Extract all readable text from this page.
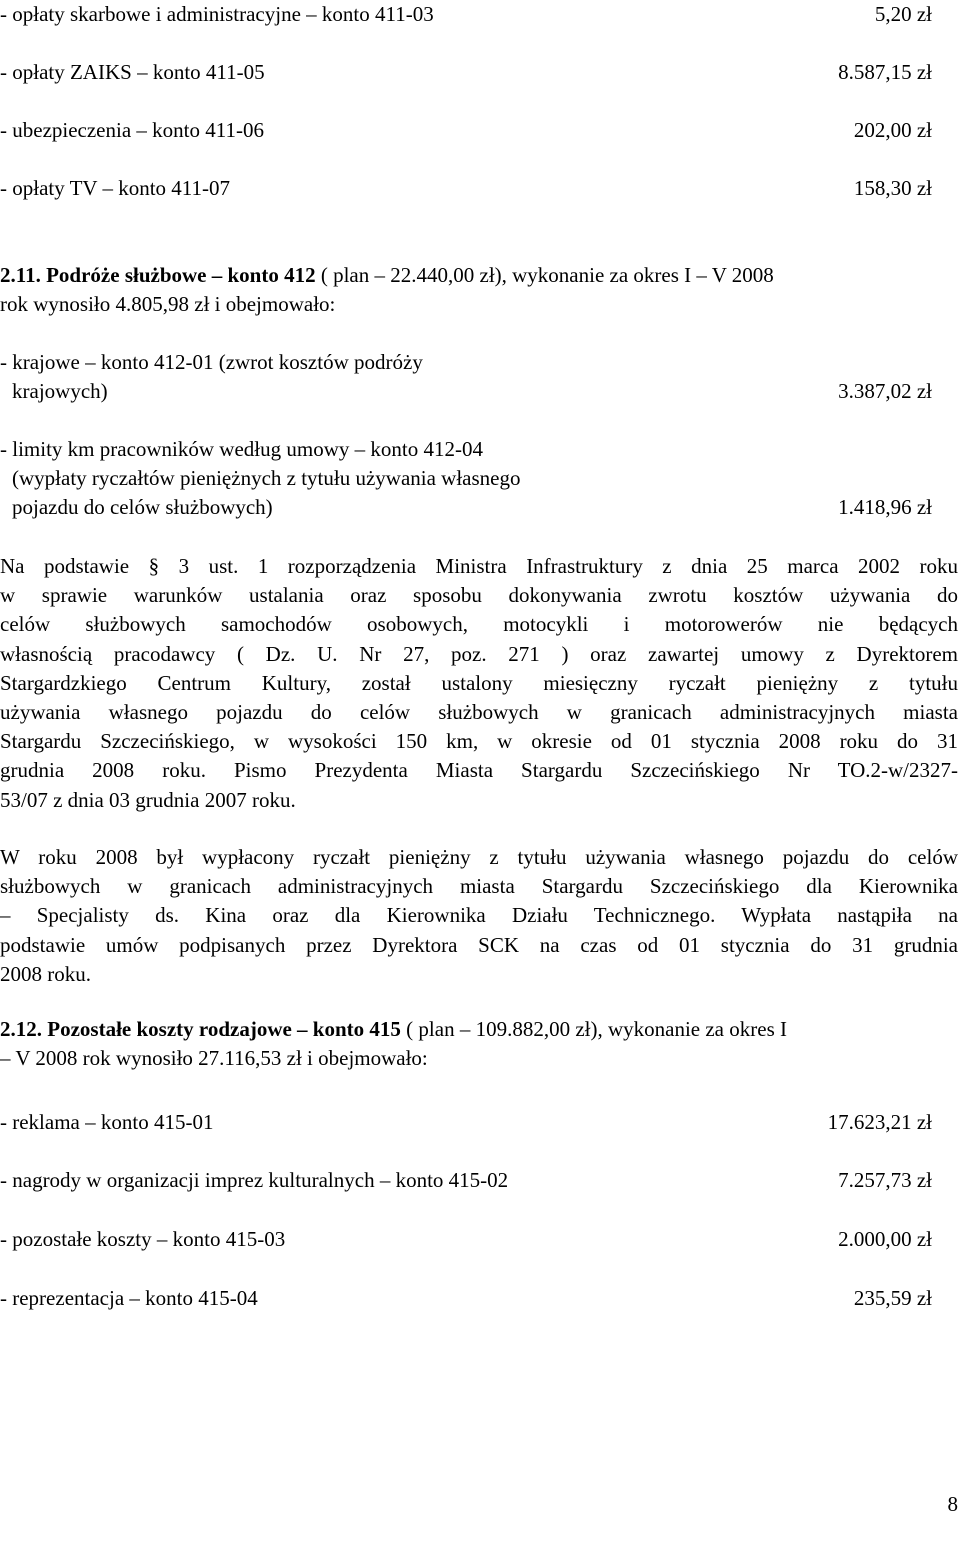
- opłaty skarbowe i administracyjne – konto 411-03	5,20 zł
- opłaty ZAIKS – konto 411-05	8.587,15 zł
- ubezpieczenia – konto 411-06	202,00 zł
- opłaty TV – konto 411-07	158,30 zł
2.11. Podróże służbowe – konto 412 ( plan – 22.440,00 zł), wykonanie za okres I – V 2008
rok wynosiło 4.805,98 zł i obejmowało:
- krajowe – konto 412-01 (zwrot kosztów podróży
krajowych)	3.387,02 zł
- limity km pracowników według umowy – konto 412-04
(wypłaty ryczałtów pieniężnych z tytułu używania własnego
pojazdu do celów służbowych)	1.418,96 zł
Na podstawie § 3 ust. 1 rozporządzenia Ministra Infrastruktury z dnia 25 marca 2002 roku
w sprawie warunków ustalania oraz sposobu dokonywania zwrotu kosztów używania do
celów służbowych samochodów osobowych, motocykli i motorowerów nie będących
własnością pracodawcy ( Dz. U. Nr 27, poz. 271 ) oraz zawartej umowy z Dyrektorem
Stargardzkiego Centrum Kultury, został ustalony miesięczny ryczałt pieniężny z tytułu
używania własnego pojazdu do celów służbowych w granicach administracyjnych miasta
Stargardu Szczecińskiego, w wysokości 150 km, w okresie od 01 stycznia 2008 roku do 31
grudnia 2008 roku. Pismo Prezydenta Miasta Stargardu Szczecińskiego Nr TO.2-w/2327-
53/07 z dnia 03 grudnia 2007 roku.
W roku 2008 był wypłacony ryczałt pieniężny z tytułu używania własnego pojazdu do celów
służbowych w granicach administracyjnych miasta Stargardu Szczecińskiego dla Kierownika
– Specjalisty ds. Kina oraz dla Kierownika Działu Technicznego. Wypłata nastąpiła na
podstawie umów podpisanych przez Dyrektora SCK na czas od 01 stycznia do 31 grudnia
2008 roku.
2.12. Pozostałe koszty rodzajowe – konto 415 ( plan – 109.882,00 zł), wykonanie za okres I
– V 2008 rok wynosiło 27.116,53 zł i obejmowało:
- reklama – konto 415-01	17.623,21 zł
- nagrody w organizacji imprez kulturalnych – konto 415-02	7.257,73 zł
- pozostałe koszty – konto 415-03	2.000,00 zł
- reprezentacja – konto 415-04	235,59 zł
8
